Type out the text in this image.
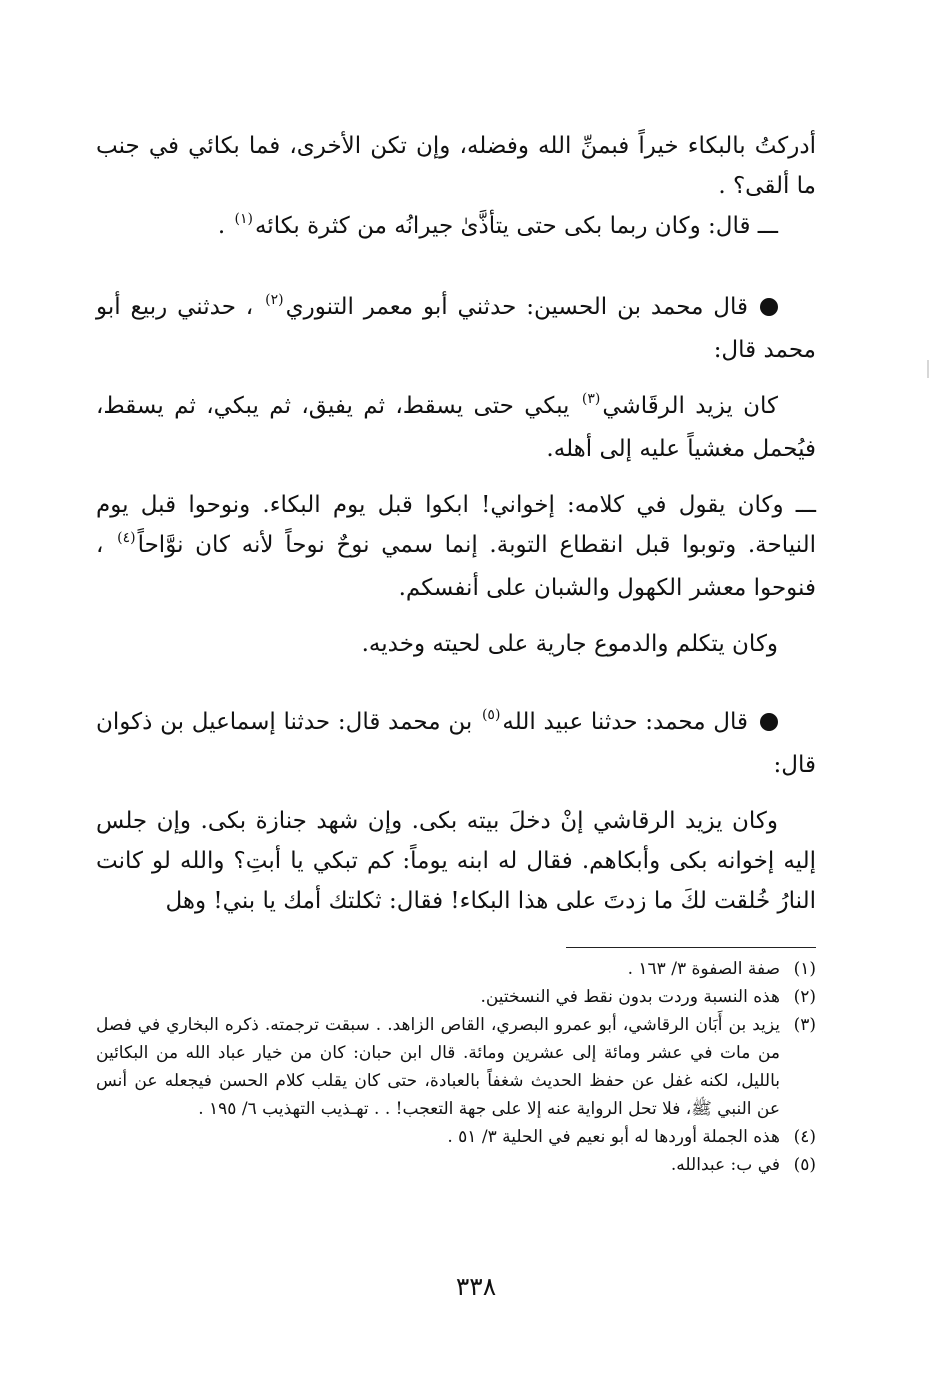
أدركتُ بالبكاء خيراً فبمنِّ الله وفضله، وإن تكن الأخرى، فما بكائي في جنب ما ألقى؟ .

ـــ قال: وكان ربما بكى حتى يتأذَّىٰ جيرانُه من كثرة بكائه$^{(١)}$ .

قال محمد بن الحسين: حدثني أبو معمر التنوري$^{(٢)}$ ، حدثني ربيع أبو محمد قال:

كان يزيد الرقَاشي$^{(٣)}$ يبكي حتى يسقط، ثم يفيق، ثم يبكي، ثم يسقط، فيُحمل مغشياً عليه إلى أهله.

ـــ وكان يقول في كلامه: إخواني! ابكوا قبل يوم البكاء. ونوحوا قبل يوم النياحة. وتوبوا قبل انقطاع التوبة. إنما سمي نوحٌ نوحاً لأنه كان نوَّاحاً$^{(٤)}$ ، فنوحوا معشر الكهول والشبان على أنفسكم.

وكان يتكلم والدموع جارية على لحيته وخديه.

قال محمد: حدثنا عبيد الله$^{(٥)}$ بن محمد قال: حدثنا إسماعيل بن ذكوان قال:

وكان يزيد الرقاشي إنْ دخلَ بيته بكى. وإن شهد جنازة بكى. وإن جلس إليه إخوانه بكى وأبكاهم. فقال له ابنه يوماً: كم تبكي يا أبتِ؟ والله لو كانت النارُ خُلقت لكَ ما زدتَ على هذا البكاء! فقال: ثكلتك أمك يا بني! وهل

(١)
صفة الصفوة ٣/ ١٦٣ .
(٢)
هذه النسبة وردت بدون نقط في النسختين.
(٣)
يزيد بن أَبَان الرقاشي، أبو عمرو البصري، القاص الزاهد. . سبقت ترجمته. ذكره البخاري في فصل من مات في عشر ومائة إلى عشرين ومائة. قال ابن حبان: كان من خيار عباد الله من البكائين بالليل، لكنه غفل عن حفظ الحديث شغفاً بالعبادة، حتى كان يقلب كلام الحسن فيجعله عن أنس عن النبي ﷺ، فلا تحل الرواية عنه إلا على جهة التعجب! . . تهـذيب التهذيب ٦/ ١٩٥ .
(٤)
هذه الجملة أوردها له أبو نعيم في الحلية ٣/ ٥١ .
(٥)
في ب: عبدالله.
٣٣٨
